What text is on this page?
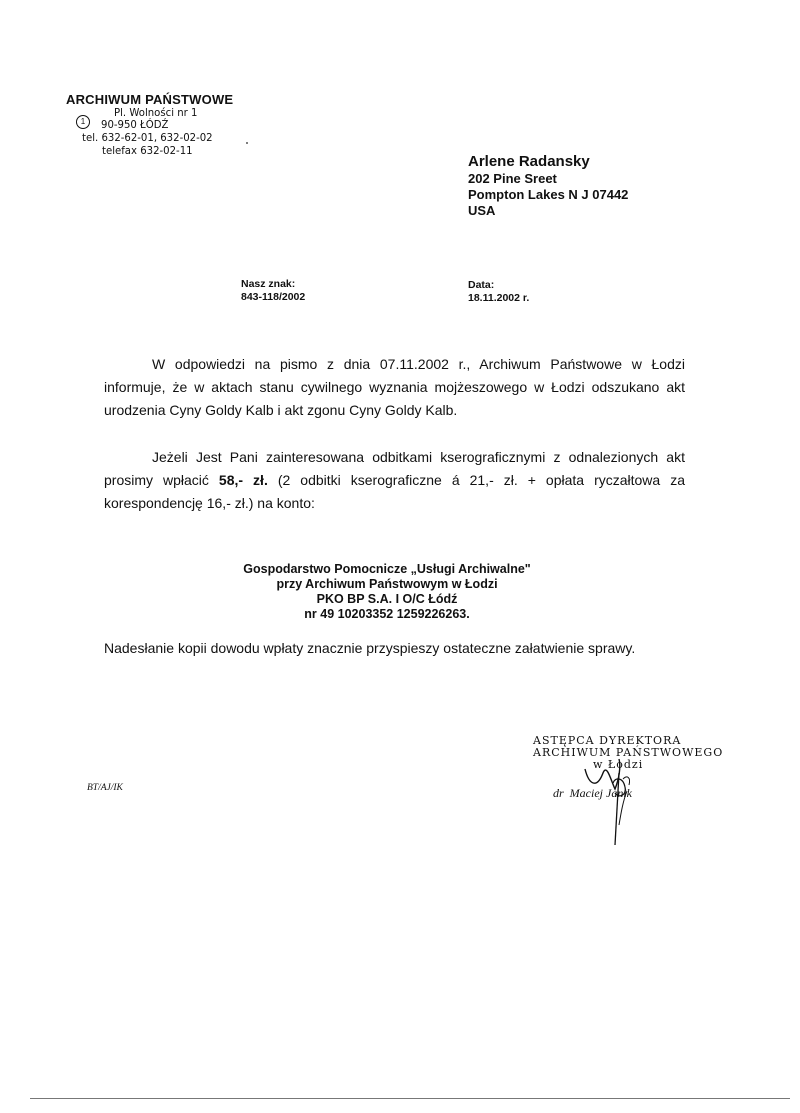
ARCHIWUM PAŃSTWOWE
Pl. Wolności nr 1
1	90-950 ŁÓDŹ
tel. 632-62-01, 632-02-02
telefax 632-02-11
Arlene Radansky
202 Pine Sreet
Pompton Lakes N J 07442
USA
Nasz znak:
843-118/2002
Data:
18.11.2002 r.
W odpowiedzi na pismo z dnia 07.11.2002 r., Archiwum Państwowe w Łodzi informuje, że w aktach stanu cywilnego wyznania mojżeszowego w Łodzi odszukano akt urodzenia Cyny Goldy Kalb i akt zgonu Cyny Goldy Kalb.
Jeżeli Jest Pani zainteresowana odbitkami kserograficznymi z odnalezionych akt prosimy wpłacić 58,- zł. (2 odbitki kserograficzne á 21,- zł. + opłata ryczałtowa za korespondencję 16,- zł.) na konto:
Gospodarstwo Pomocnicze „Usługi Archiwalne"
przy Archiwum Państwowym w Łodzi
PKO BP S.A. I O/C Łódź
nr 49 10203352 1259226263.
Nadesłanie kopii dowodu wpłaty znacznie przyspieszy ostateczne załatwienie sprawy.
ASTĘPCA DYREKTORA
ARCHIWUM PAŃSTWOWEGO
w Łodzi
dr Maciej Janik
BT/AJ/IK
